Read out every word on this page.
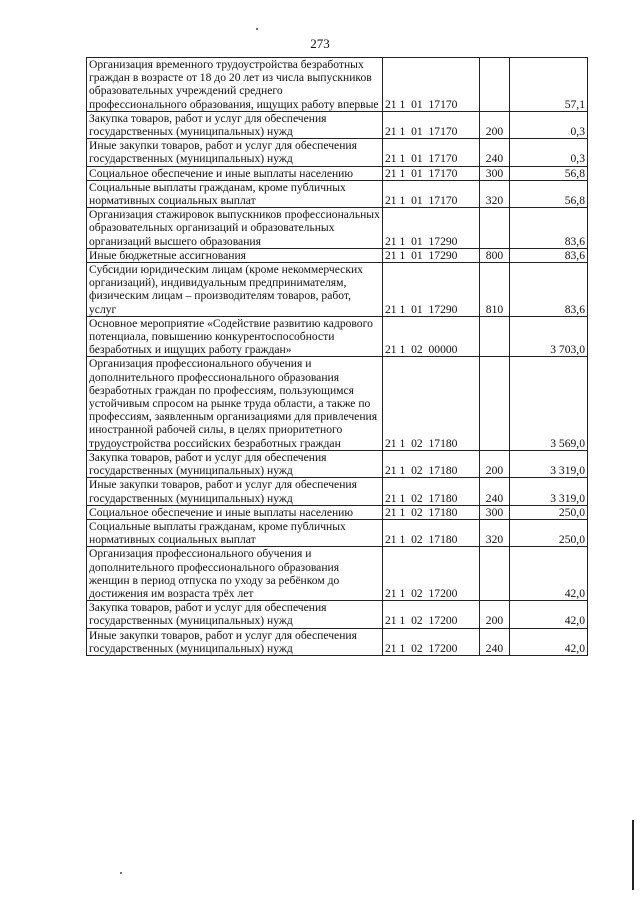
273
Организация временного трудоустройства безработных граждан в возрасте от 18 до 20 лет из числа выпускников образовательных учреждений среднего профессионального образования, ищущих работу впервые	21 1  01  17170		57,1
Закупка товаров, работ и услуг для обеспечения государственных (муниципальных) нужд	21 1  01  17170	200	0,3
Иные закупки товаров, работ и услуг для обеспечения государственных (муниципальных) нужд	21 1  01  17170	240	0,3
Социальное обеспечение и иные выплаты населению	21 1  01  17170	300	56,8
Социальные выплаты гражданам, кроме публичных нормативных социальных выплат	21 1  01  17170	320	56,8
Организация стажировок выпускников профессиональных образовательных организаций и образовательных организаций высшего образования	21 1  01  17290		83,6
Иные бюджетные ассигнования	21 1  01  17290	800	83,6
Субсидии юридическим лицам (кроме некоммерческих организаций), индивидуальным предпринимателям, физическим лицам – производителям товаров, работ, услуг	21 1  01  17290	810	83,6
Основное мероприятие «Содействие развитию кадрового потенциала, повышению конкурентоспособности безработных и ищущих работу граждан»	21 1  02  00000		3 703,0
Организация профессионального обучения и дополнительного профессионального образования безработных граждан по профессиям, пользующимся устойчивым спросом на рынке труда области, а также по профессиям, заявленным организациями для привлечения иностранной рабочей силы, в целях приоритетного трудоустройства российских безработных граждан	21 1  02  17180		3 569,0
Закупка товаров, работ и услуг для обеспечения государственных (муниципальных) нужд	21 1  02  17180	200	3 319,0
Иные закупки товаров, работ и услуг для обеспечения государственных (муниципальных) нужд	21 1  02  17180	240	3 319,0
Социальное обеспечение и иные выплаты населению	21 1  02  17180	300	250,0
Социальные выплаты гражданам, кроме публичных нормативных социальных выплат	21 1  02  17180	320	250,0
Организация профессионального обучения и дополнительного профессионального образования женщин в период отпуска по уходу за ребёнком до достижения им возраста трёх лет	21 1  02  17200		42,0
Закупка товаров, работ и услуг для обеспечения государственных (муниципальных) нужд	21 1  02  17200	200	42,0
Иные закупки товаров, работ и услуг для обеспечения государственных (муниципальных) нужд	21 1  02  17200	240	42,0
